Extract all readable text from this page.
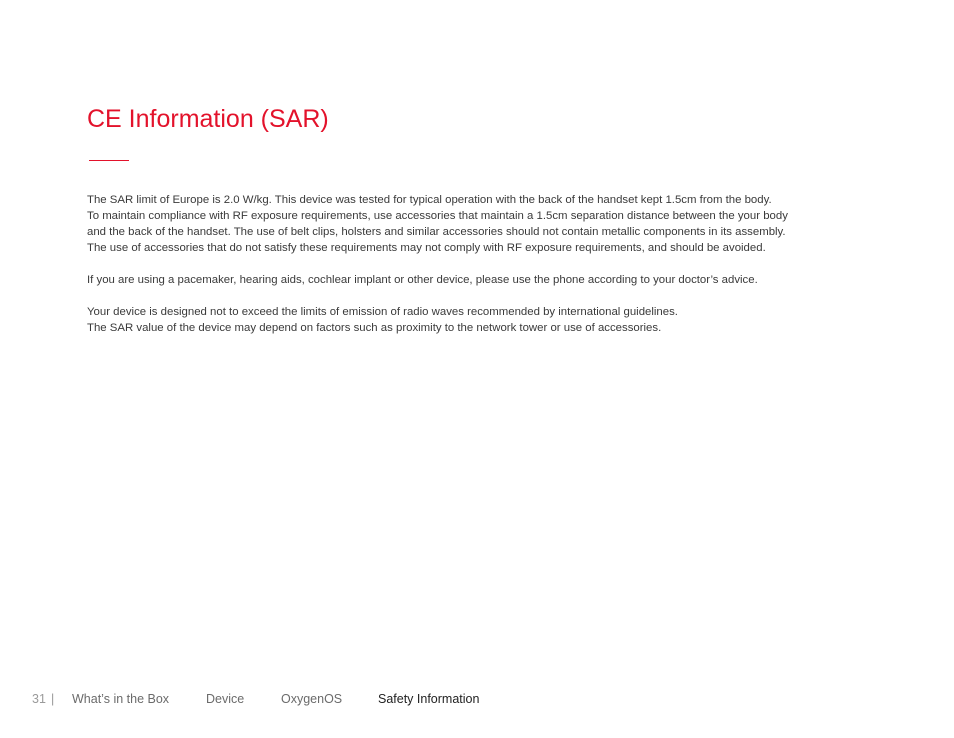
CE Information (SAR)

The SAR limit of Europe is 2.0 W/kg. This device was tested for typical operation with the back of the handset kept 1.5cm from the body.
To maintain compliance with RF exposure requirements, use accessories that maintain a 1.5cm separation distance between the your body
and the back of the handset. The use of belt clips, holsters and similar accessories should not contain metallic components in its assembly.
The use of accessories that do not satisfy these requirements may not comply with RF exposure requirements, and should be avoided.

If you are using a pacemaker, hearing aids, cochlear implant or other device, please use the phone according to your doctor’s advice.

Your device is designed not to exceed the limits of emission of radio waves recommended by international guidelines.
The SAR value of the device may depend on factors such as proximity to the network tower or use of accessories.

31 | What’s in the Box	Device	OxygenOS	Safety Information
